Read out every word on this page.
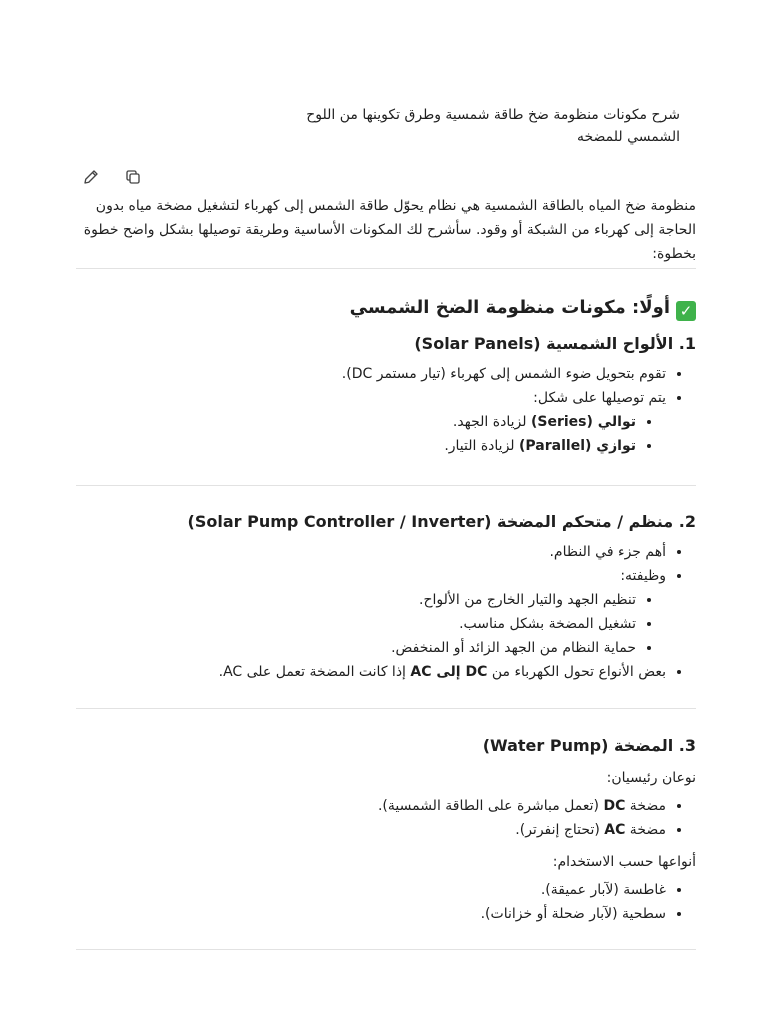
شرح مكونات منظومة ضخ طاقة شمسية وطرق تكوينها من اللوح الشمسي للمضخه
منظومة ضخ المياه بالطاقة الشمسية هي نظام يحوّل طاقة الشمس إلى كهرباء لتشغيل مضخة مياه بدون الحاجة إلى كهرباء من الشبكة أو وقود. سأشرح لك المكونات الأساسية وطريقة توصيلها بشكل واضح خطوة بخطوة:
✓أولًا: مكونات منظومة الضخ الشمسي
1. الألواح الشمسية (Solar Panels)
• تقوم بتحويل ضوء الشمس إلى كهرباء (تيار مستمر DC).
• يتم توصيلها على شكل:
• توالي (Series) لزيادة الجهد.
• توازي (Parallel) لزيادة التيار.
2. منظم / متحكم المضخة (Solar Pump Controller / Inverter)
• أهم جزء في النظام.
• وظيفته:
• تنظيم الجهد والتيار الخارج من الألواح.
• تشغيل المضخة بشكل مناسب.
• حماية النظام من الجهد الزائد أو المنخفض.
• بعض الأنواع تحول الكهرباء من DC إلى AC إذا كانت المضخة تعمل على AC.
3. المضخة (Water Pump)
نوعان رئيسيان:
• مضخة DC (تعمل مباشرة على الطاقة الشمسية).
• مضخة AC (تحتاج إنفرتر).
أنواعها حسب الاستخدام:
• غاطسة (لآبار عميقة).
• سطحية (لآبار ضحلة أو خزانات).
